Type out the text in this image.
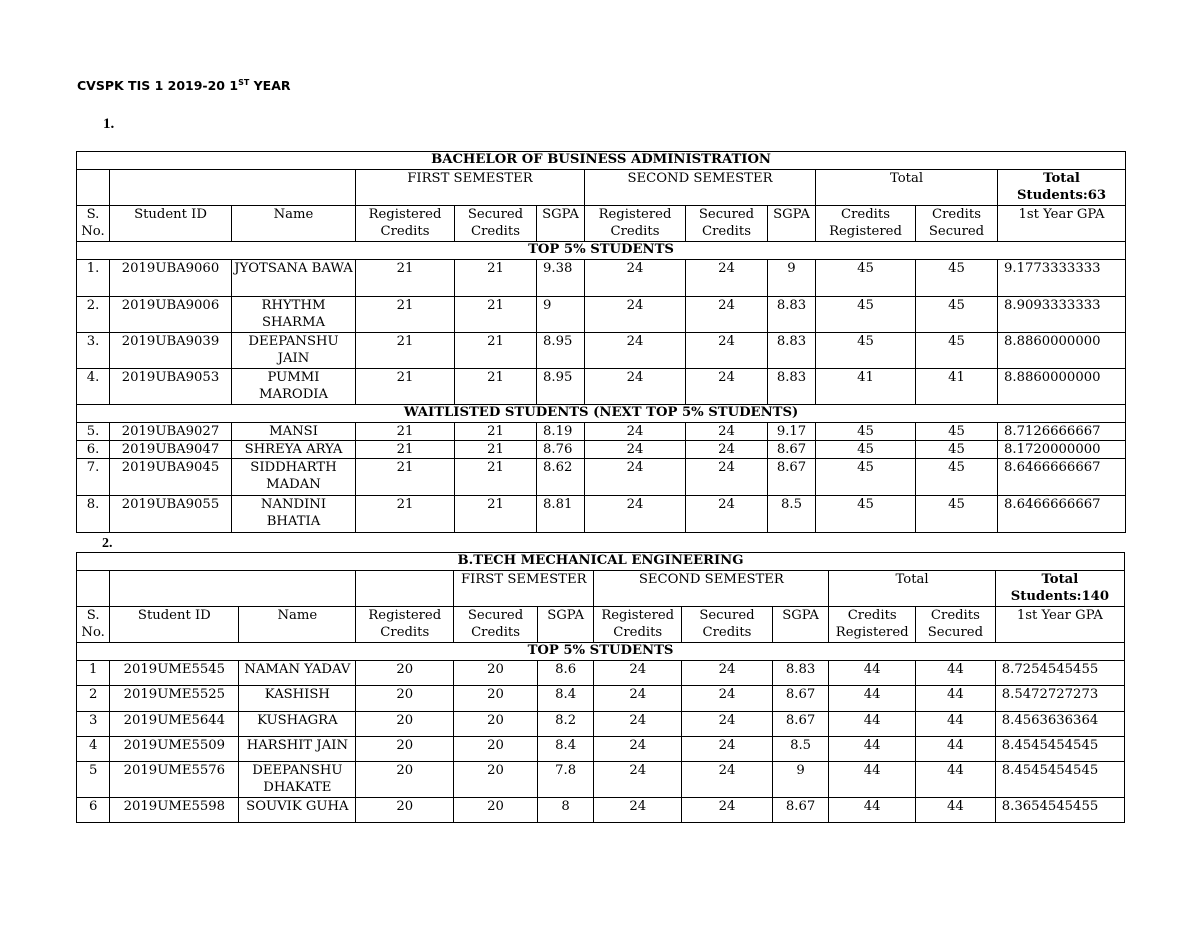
CVSPK TIS 1 2019-20 1ST YEAR
1.
BACHELOR OF BUSINESS ADMINISTRATION											
			FIRST SEMESTER			SECOND SEMESTER			Total		Total Students:63
S. No.	Student ID	Name	Registered Credits	Secured Credits	SGPA	Registered Credits	Secured Credits	SGPA	Credits Registered	Credits Secured	1st Year GPA
TOP 5% STUDENTS											
1.	2019UBA9060	JYOTSANA BAWA	21	21	9.38	24	24	9	45	45	9.1773333333
2.	2019UBA9006	RHYTHM SHARMA	21	21	9	24	24	8.83	45	45	8.9093333333
3.	2019UBA9039	DEEPANSHU JAIN	21	21	8.95	24	24	8.83	45	45	8.8860000000
4.	2019UBA9053	PUMMI MARODIA	21	21	8.95	24	24	8.83	41	41	8.8860000000
WAITLISTED STUDENTS (NEXT TOP 5% STUDENTS)											
5.	2019UBA9027	MANSI	21	21	8.19	24	24	9.17	45	45	8.7126666667
6.	2019UBA9047	SHREYA ARYA	21	21	8.76	24	24	8.67	45	45	8.1720000000
7.	2019UBA9045	SIDDHARTH MADAN	21	21	8.62	24	24	8.67	45	45	8.6466666667
8.	2019UBA9055	NANDINI BHATIA	21	21	8.81	24	24	8.5	45	45	8.6466666667
2.
B.TECH MECHANICAL ENGINEERING											
				FIRST SEMESTER		SECOND SEMESTER			Total		Total Students:140
S. No.	Student ID	Name	Registered Credits	Secured Credits	SGPA	Registered Credits	Secured Credits	SGPA	Credits Registered	Credits Secured	1st Year GPA
TOP 5% STUDENTS											
1	2019UME5545	NAMAN YADAV	20	20	8.6	24	24	8.83	44	44	8.7254545455
2	2019UME5525	KASHISH	20	20	8.4	24	24	8.67	44	44	8.5472727273
3	2019UME5644	KUSHAGRA	20	20	8.2	24	24	8.67	44	44	8.4563636364
4	2019UME5509	HARSHIT JAIN	20	20	8.4	24	24	8.5	44	44	8.4545454545
5	2019UME5576	DEEPANSHU DHAKATE	20	20	7.8	24	24	9	44	44	8.4545454545
6	2019UME5598	SOUVIK GUHA	20	20	8	24	24	8.67	44	44	8.3654545455
